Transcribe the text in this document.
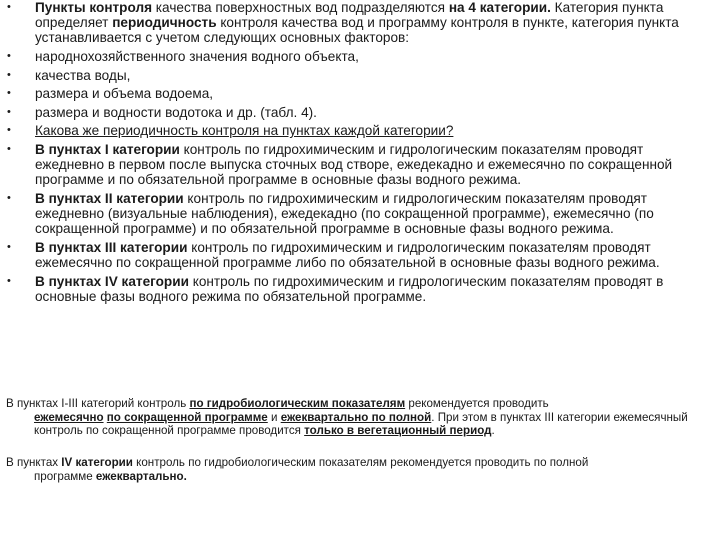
• Пункты контроля качества поверхностных вод подразделяются на 4 категории. Категория пункта определяет периодичность контроля качества вод и программу контроля в пункте, категория пункта устанавливается с учетом следующих основных факторов:
• народнохозяйственного значения водного объекта,
• качества воды,
• размера и объема водоема,
• размера и водности водотока и др. (табл. 4).
• Какова же периодичность контроля на пунктах каждой категории?
• В пунктах I категории контроль по гидрохимическим и гидрологическим показателям проводят ежедневно в первом после выпуска сточных вод створе, ежедекадно и ежемесячно по сокращенной программе и по обязательной программе в основные фазы водного режима.
• В пунктах II категории контроль по гидрохимическим и гидрологическим показателям проводят ежедневно (визуальные наблюдения), ежедекадно (по сокращенной программе), ежемесячно (по сокращенной программе) и по обязательной программе в основные фазы водного режима.
• В пунктах III категории контроль по гидрохимическим и гидрологическим показателям проводят ежемесячно по сокращенной программе либо по обязательной в основные фазы водного режима.
• В пунктах IV категории контроль по гидрохимическим и гидрологическим показателям проводят в основные фазы водного режима по обязательной программе.
В пунктах I-III категорий контроль по гидробиологическим показателям рекомендуется проводить
ежемесячно по сокращенной программе и ежеквартально по полной. При этом в пунктах III категории ежемесячный контроль по сокращенной программе проводится только в вегетационный период.
В пунктах IV категории контроль по гидробиологическим показателям рекомендуется проводить по полной
программе ежеквартально.
